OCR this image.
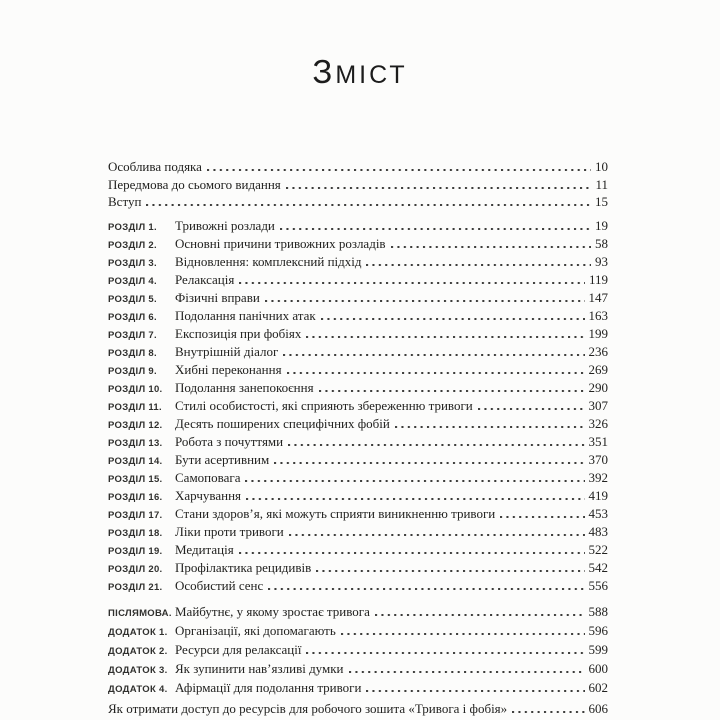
ЗМІСТ
Особлива подяка	10
Передмова до сьомого видання	11
Вступ	15
РОЗДІЛ 1.	Тривожні розлади	19
РОЗДІЛ 2.	Основні причини тривожних розладів	58
РОЗДІЛ 3.	Відновлення: комплексний підхід	93
РОЗДІЛ 4.	Релаксація	119
РОЗДІЛ 5.	Фізичні вправи	147
РОЗДІЛ 6.	Подолання панічних атак	163
РОЗДІЛ 7.	Експозиція при фобіях	199
РОЗДІЛ 8.	Внутрішній діалог	236
РОЗДІЛ 9.	Хибні переконання	269
РОЗДІЛ 10. Подолання занепокоєння	290
РОЗДІЛ 11.	Стилі особистості, які сприяють збереженню тривоги	307
РОЗДІЛ 12. Десять поширених специфічних фобій	326
РОЗДІЛ 13. Робота з почуттями	351
РОЗДІЛ 14. Бути асертивним	370
РОЗДІЛ 15. Самоповага	392
РОЗДІЛ 16. Харчування	419
РОЗДІЛ 17. Стани здоров’я, які можуть сприяти виникненню тривоги	453
РОЗДІЛ 18. Ліки проти тривоги	483
РОЗДІЛ 19. Медитація	522
РОЗДІЛ 20. Профілактика рецидивів	542
РОЗДІЛ 21. Особистий сенс	556
ПІСЛЯМОВА. Майбутнє, у якому зростає тривога	588
ДОДАТОК 1. Організації, які допомагають	596
ДОДАТОК 2. Ресурси для релаксації	599
ДОДАТОК 3. Як зупинити нав’язливі думки	600
ДОДАТОК 4. Афірмації для подолання тривоги	602
Як отримати доступ до ресурсів для робочого зошита «Тривога і фобія»	606
